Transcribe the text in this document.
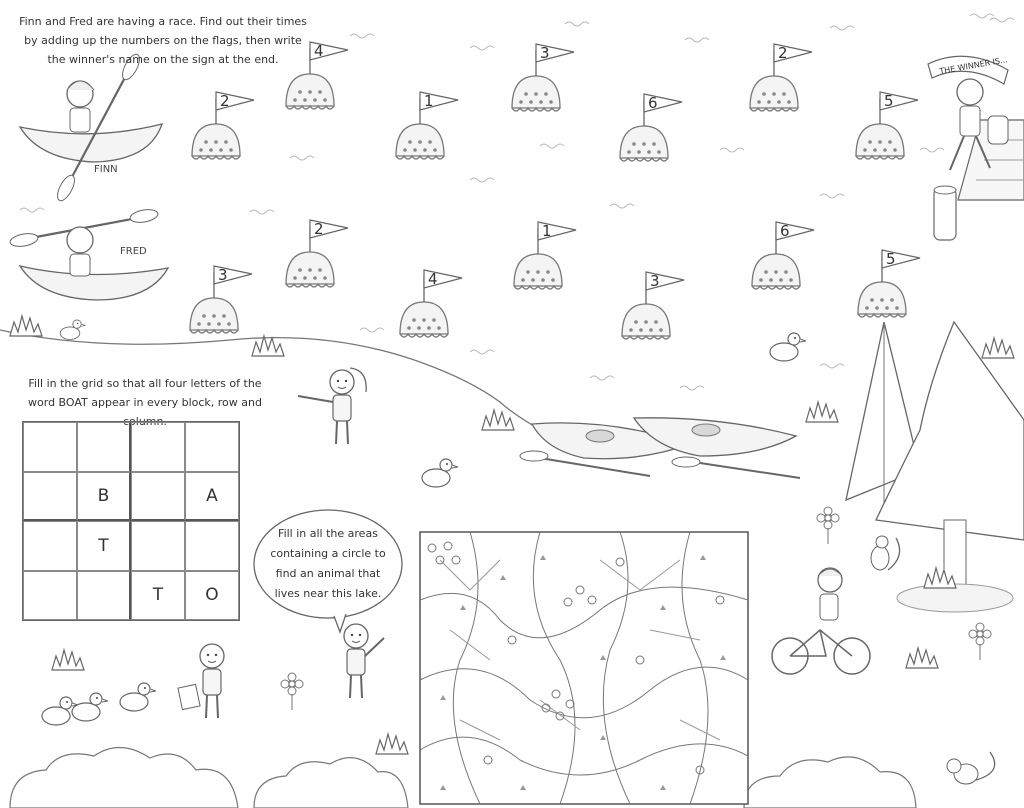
2
4
1
3
6
2
5
3
2
4
1
3
6
5
THE WINNER IS...
Finn and Fred are having a race. Find out their times by adding up the numbers on the flags, then write the winner's name on the sign at the end.
FINN
FRED
Fill in the grid so that all four letters of the word BOAT appear in every block, row and column.
B	A
T
T	O
Fill in all the areas containing a circle to find an animal that lives near this lake.
